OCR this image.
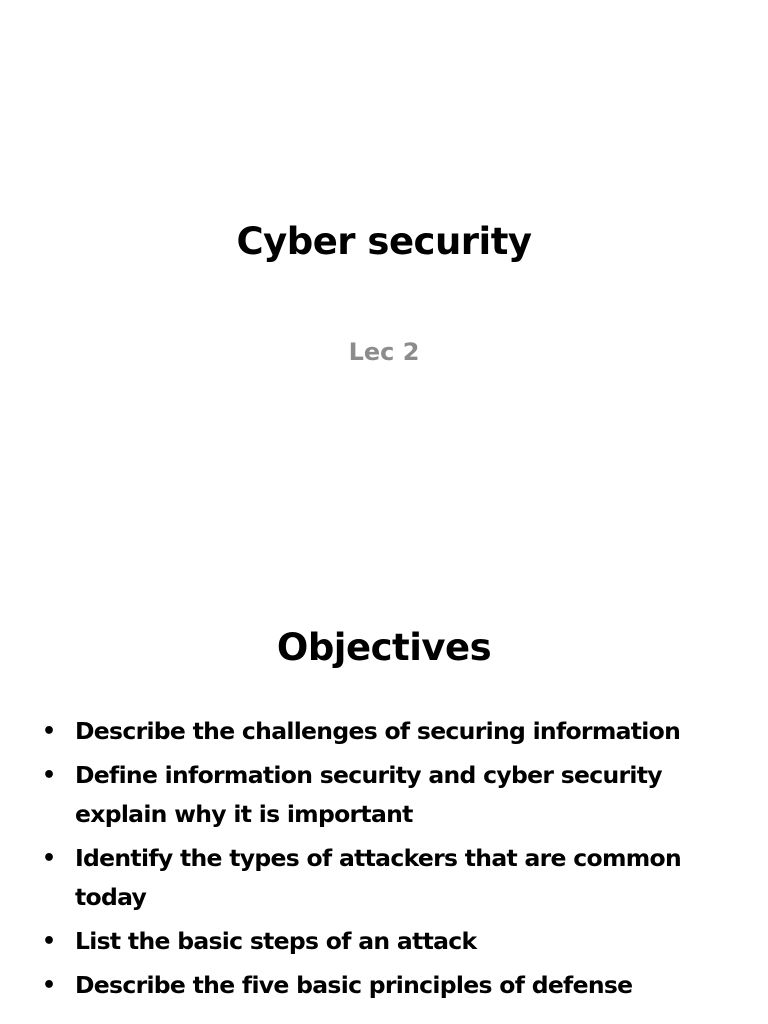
Cyber security
Lec 2
Objectives
• Describe the challenges of securing information
• Define information security and cyber security
explain why it is important
• Identify the types of attackers that are common
today
• List the basic steps of an attack
• Describe the five basic principles of defense
